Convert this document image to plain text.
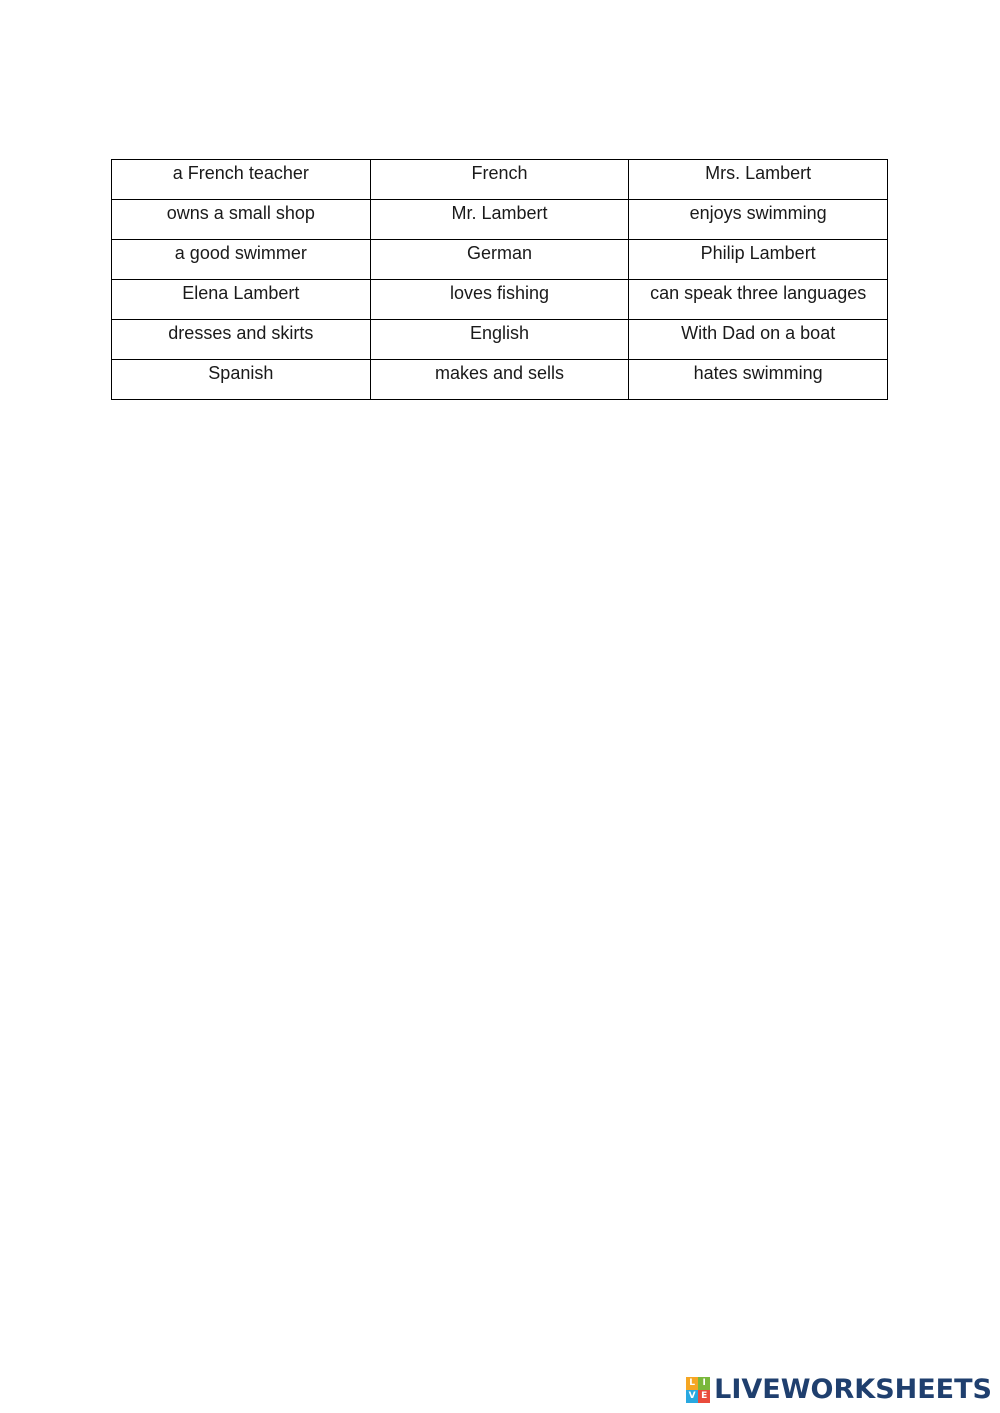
a French teacher	French	Mrs. Lambert
owns a small shop	Mr. Lambert	enjoys swimming
a good swimmer	German	Philip Lambert
Elena Lambert	loves fishing	can speak three languages
dresses and skirts	English	With Dad on a boat
Spanish	makes and sells	hates swimming
L I
V E LIVEWORKSHEETS
